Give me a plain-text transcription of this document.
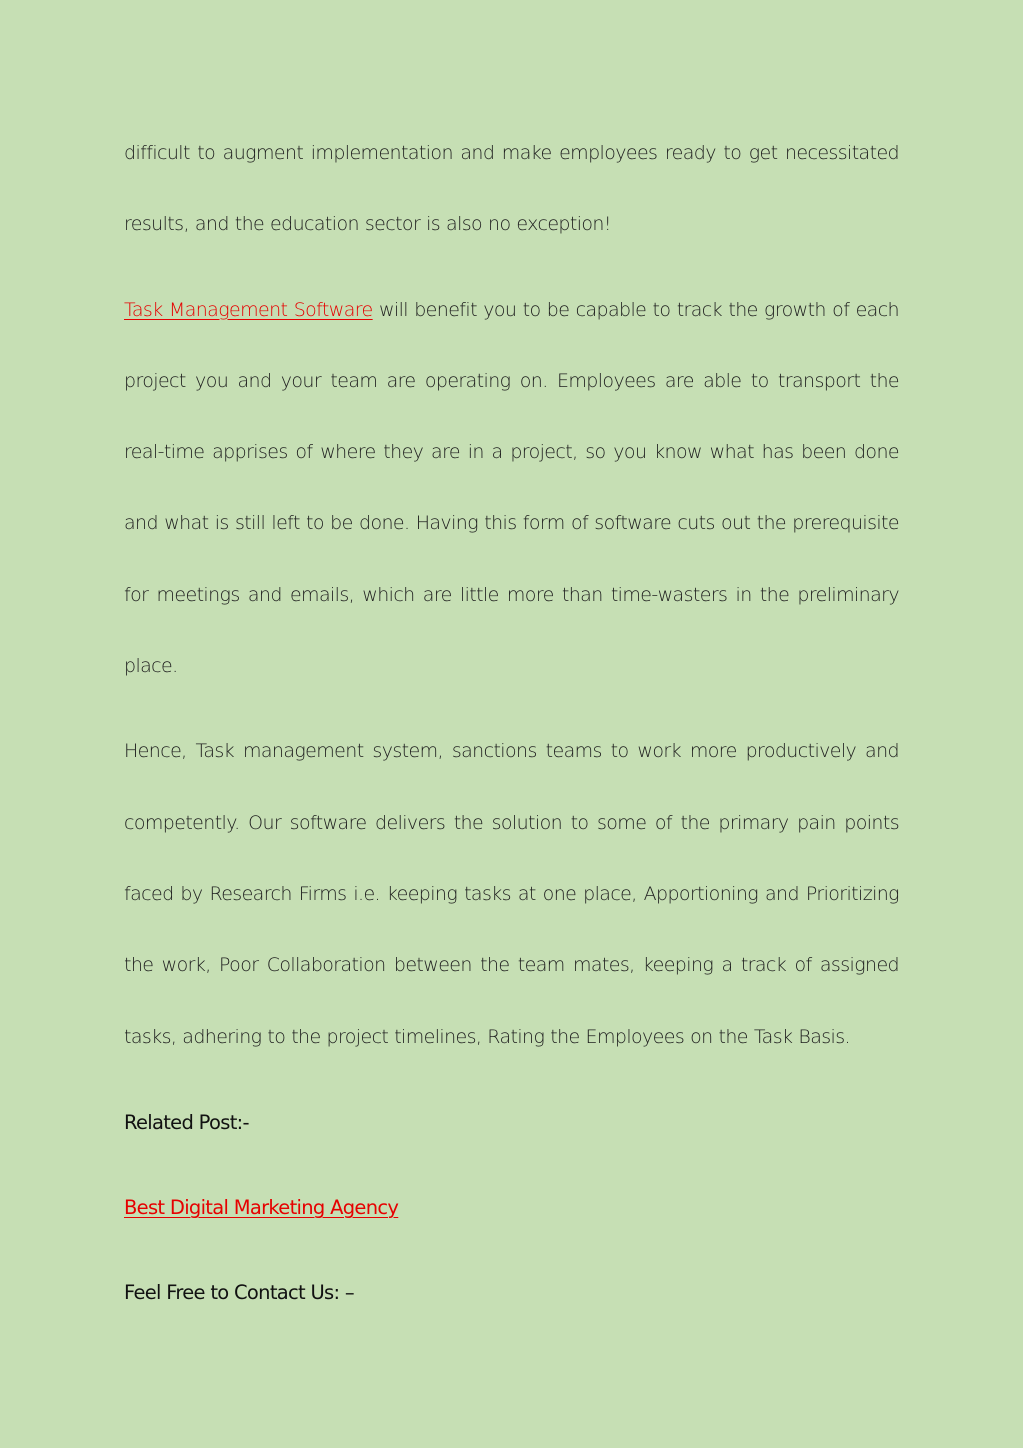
difficult to augment implementation and make employees ready to get necessitated results, and the education sector is also no exception!

Task Management Software will benefit you to be capable to track the growth of each project you and your team are operating on. Employees are able to transport the real-time apprises of where they are in a project, so you know what has been done and what is still left to be done. Having this form of software cuts out the prerequisite for meetings and emails, which are little more than time-wasters in the preliminary place.

Hence, Task management system, sanctions teams to work more productively and competently. Our software delivers the solution to some of the primary pain points faced by Research Firms i.e. keeping tasks at one place, Apportioning and Prioritizing the work, Poor Collaboration between the team mates, keeping a track of assigned tasks, adhering to the project timelines, Rating the Employees on the Task Basis.

Related Post:-

Best Digital Marketing Agency

Feel Free to Contact Us: –
